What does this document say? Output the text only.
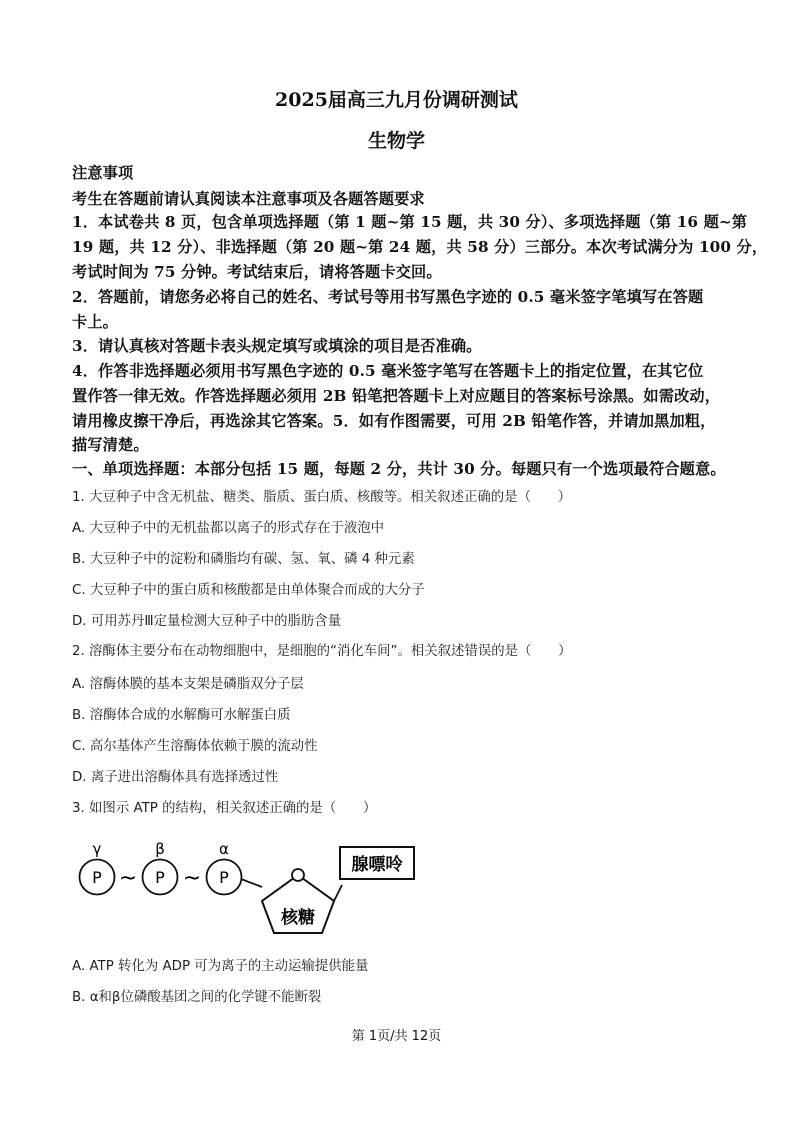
2025届高三九月份调研测试
生物学
注意事项
考生在答题前请认真阅读本注意事项及各题答题要求
1．本试卷共 8 页，包含单项选择题（第 1 题~第 15 题，共 30 分）、多项选择题（第 16 题~第
19 题，共 12 分）、非选择题（第 20 题~第 24 题，共 58 分）三部分。本次考试满分为 100 分，
考试时间为 75 分钟。考试结束后，请将答题卡交回。
2．答题前，请您务必将自己的姓名、考试号等用书写黑色字迹的 0.5 毫米签字笔填写在答题
卡上。
3．请认真核对答题卡表头规定填写或填涂的项目是否准确。
4．作答非选择题必须用书写黑色字迹的 0.5 毫米签字笔写在答题卡上的指定位置，在其它位
置作答一律无效。作答选择题必须用 2B 铅笔把答题卡上对应题目的答案标号涂黑。如需改动，
请用橡皮擦干净后，再选涂其它答案。5．如有作图需要，可用 2B 铅笔作答，并请加黑加粗，
描写清楚。
一、单项选择题：本部分包括 15 题，每题 2 分，共计 30 分。每题只有一个选项最符合题意。
1. 大豆种子中含无机盐、糖类、脂质、蛋白质、核酸等。相关叙述正确的是（　　）
A. 大豆种子中的无机盐都以离子的形式存在于液泡中
B. 大豆种子中的淀粉和磷脂均有碳、氢、氧、磷 4 种元素
C. 大豆种子中的蛋白质和核酸都是由单体聚合而成的大分子
D. 可用苏丹Ⅲ定量检测大豆种子中的脂肪含量
2. 溶酶体主要分布在动物细胞中，是细胞的“消化车间”。相关叙述错误的是（　　）
A. 溶酶体膜的基本支架是磷脂双分子层
B. 溶酶体合成的水解酶可水解蛋白质
C. 高尔基体产生溶酶体依赖于膜的流动性
D. 离子进出溶酶体具有选择透过性
3. 如图示 ATP 的结构，相关叙述正确的是（　　）
γ	β	α
P ~ P ~ P
核糖
腺嘌呤
A. ATP 转化为 ADP 可为离子的主动运输提供能量
B. α和β位磷酸基团之间的化学键不能断裂
第 1页/共 12页
